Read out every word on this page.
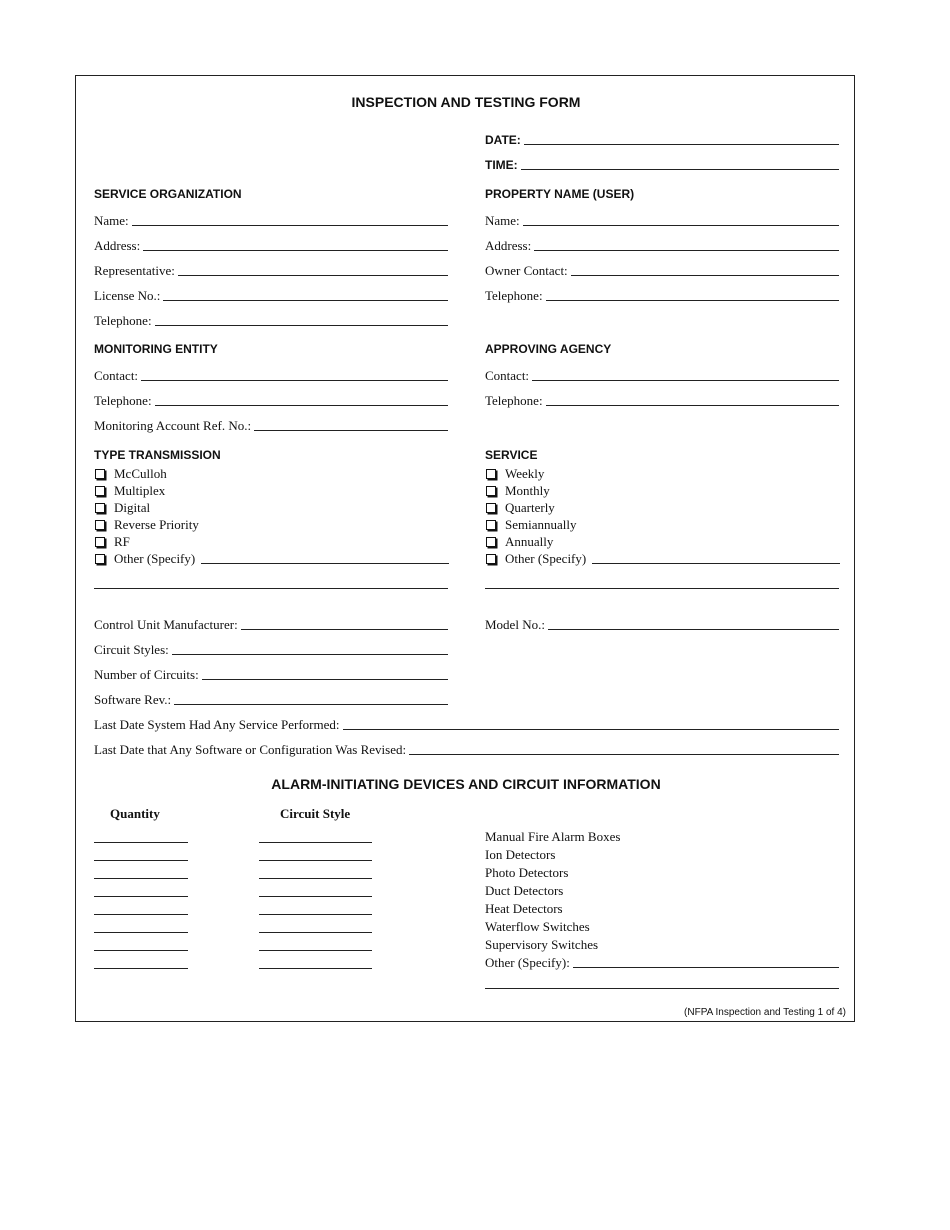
INSPECTION AND TESTING FORM
DATE:
TIME:
SERVICE ORGANIZATION
Name:
Address:
Representative:
License No.:
Telephone:
PROPERTY NAME (USER)
Name:
Address:
Owner Contact:
Telephone:
MONITORING ENTITY
Contact:
Telephone:
Monitoring Account Ref. No.:
APPROVING AGENCY
Contact:
Telephone:
TYPE TRANSMISSION
McCulloh
Multiplex
Digital
Reverse Priority
RF
Other (Specify)
SERVICE
Weekly
Monthly
Quarterly
Semiannually
Annually
Other (Specify)
Control Unit Manufacturer:	Model No.:
Circuit Styles:
Number of Circuits:
Software Rev.:
Last Date System Had Any Service Performed:
Last Date that Any Software or Configuration Was Revised:
ALARM-INITIATING DEVICES AND CIRCUIT INFORMATION
Quantity	Circuit Style
Manual Fire Alarm Boxes
Ion Detectors
Photo Detectors
Duct Detectors
Heat Detectors
Waterflow Switches
Supervisory Switches
Other (Specify):
(NFPA Inspection and Testing 1 of 4)
